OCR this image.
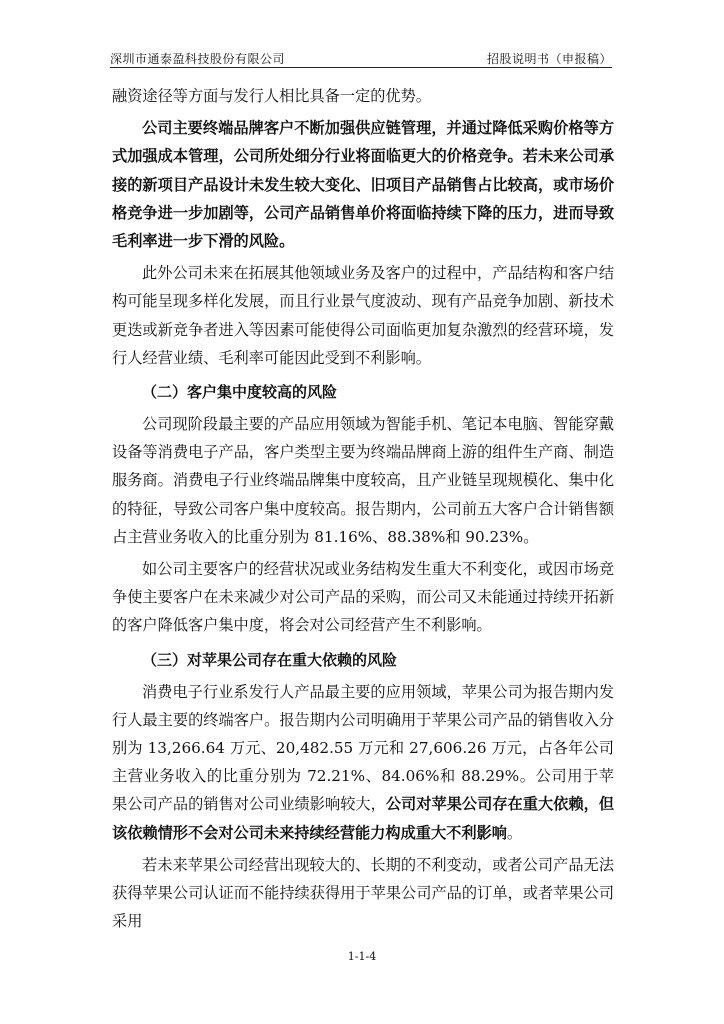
深圳市通泰盈科技股份有限公司	招股说明书（申报稿）

融资途径等方面与发行人相比具备一定的优势。

公司主要终端品牌客户不断加强供应链管理，并通过降低采购价格等方式加强成本管理，公司所处细分行业将面临更大的价格竞争。若未来公司承接的新项目产品设计未发生较大变化、旧项目产品销售占比较高，或市场价格竞争进一步加剧等，公司产品销售单价将面临持续下降的压力，进而导致毛利率进一步下滑的风险。

此外公司未来在拓展其他领域业务及客户的过程中，产品结构和客户结构可能呈现多样化发展，而且行业景气度波动、现有产品竞争加剧、新技术更迭或新竞争者进入等因素可能使得公司面临更加复杂激烈的经营环境，发行人经营业绩、毛利率可能因此受到不利影响。

（二）客户集中度较高的风险

公司现阶段最主要的产品应用领域为智能手机、笔记本电脑、智能穿戴设备等消费电子产品，客户类型主要为终端品牌商上游的组件生产商、制造服务商。消费电子行业终端品牌集中度较高，且产业链呈现规模化、集中化的特征，导致公司客户集中度较高。报告期内，公司前五大客户合计销售额占主营业务收入的比重分别为 81.16%、88.38%和 90.23%。

如公司主要客户的经营状况或业务结构发生重大不利变化，或因市场竞争使主要客户在未来减少对公司产品的采购，而公司又未能通过持续开拓新的客户降低客户集中度，将会对公司经营产生不利影响。

（三）对苹果公司存在重大依赖的风险

消费电子行业系发行人产品最主要的应用领域，苹果公司为报告期内发行人最主要的终端客户。报告期内公司明确用于苹果公司产品的销售收入分别为 13,266.64 万元、20,482.55 万元和 27,606.26 万元，占各年公司主营业务收入的比重分别为 72.21%、84.06%和 88.29%。公司用于苹果公司产品的销售对公司业绩影响较大，公司对苹果公司存在重大依赖，但该依赖情形不会对公司未来持续经营能力构成重大不利影响。

若未来苹果公司经营出现较大的、长期的不利变动，或者公司产品无法获得苹果公司认证而不能持续获得用于苹果公司产品的订单，或者苹果公司采用

1-1-4
